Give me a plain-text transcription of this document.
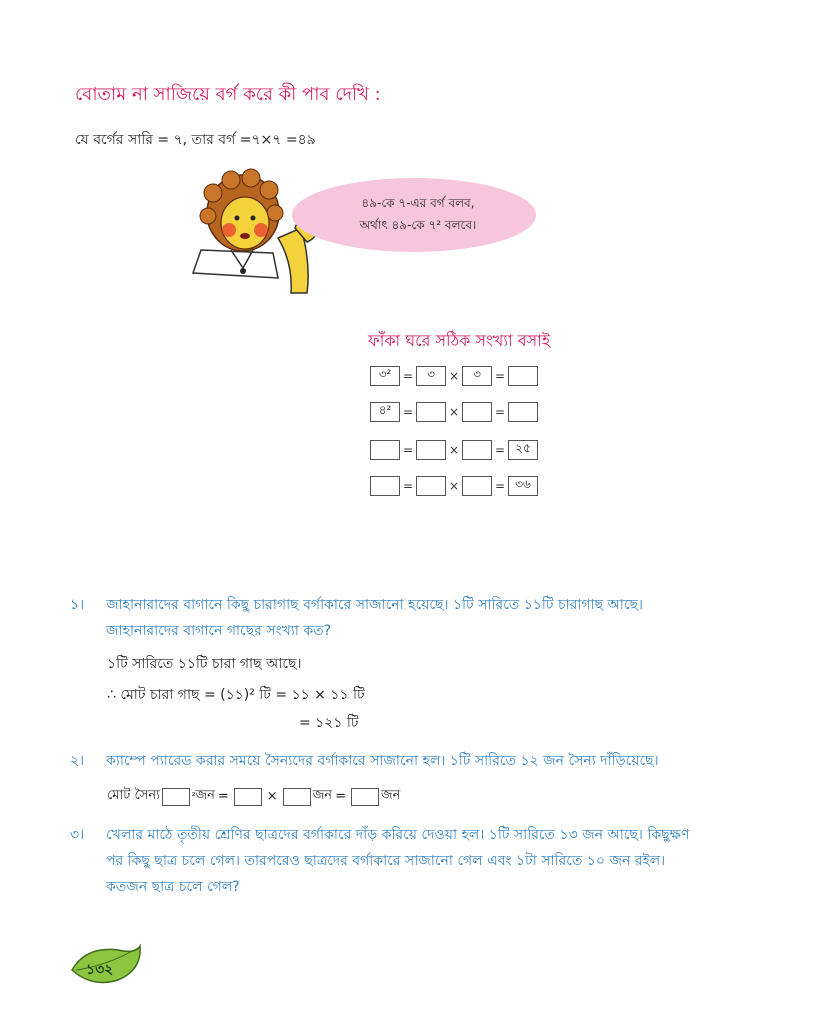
বোতাম না সাজিয়ে বর্গ করে কী পাব দেখি :
যে বর্গের সারি = ৭, তার বর্গ =৭×৭ =৪৯
৪৯-কে ৭-এর বর্গ বলব,
অর্থাৎ ৪৯-কে ৭² বলবে।
ফাঁকা ঘরে সঠিক সংখ্যা বসাই
৩² =	৩	×	৩	=
৪² =	×	=
=	×	= ২৫
=	×	= ৩৬
১। জাহানারাদের বাগানে কিছু চারাগাছ বর্গাকারে সাজানো হয়েছে। ১টি সারিতে ১১টি চারাগাছ আছে।
জাহানারাদের বাগানে গাছের সংখ্যা কত?
১টি সারিতে ১১টি চারা গাছ আছে।
∴ মোট চারা গাছ = (১১)² টি = ১১ × ১১ টি
= ১২১ টি
২। ক্যাম্পে প্যারেড করার সময়ে সৈন্যদের বর্গাকারে সাজানো হল। ১টি সারিতে ১২ জন সৈন্য দাঁড়িয়েছে।
মোট সৈন্য	² জন =	×	জন =	জন
৩। খেলার মাঠে তৃতীয় শ্রেণির ছাত্রদের বর্গাকারে দাঁড় করিয়ে দেওয়া হল। ১টি সারিতে ১৩ জন আছে। কিছুক্ষণ
পর কিছু ছাত্র চলে গেল। তারপরেও ছাত্রদের বর্গাকারে সাজানো গেল এবং ১টা সারিতে ১০ জন রইল।
কতজন ছাত্র চলে গেল?
১৩২
